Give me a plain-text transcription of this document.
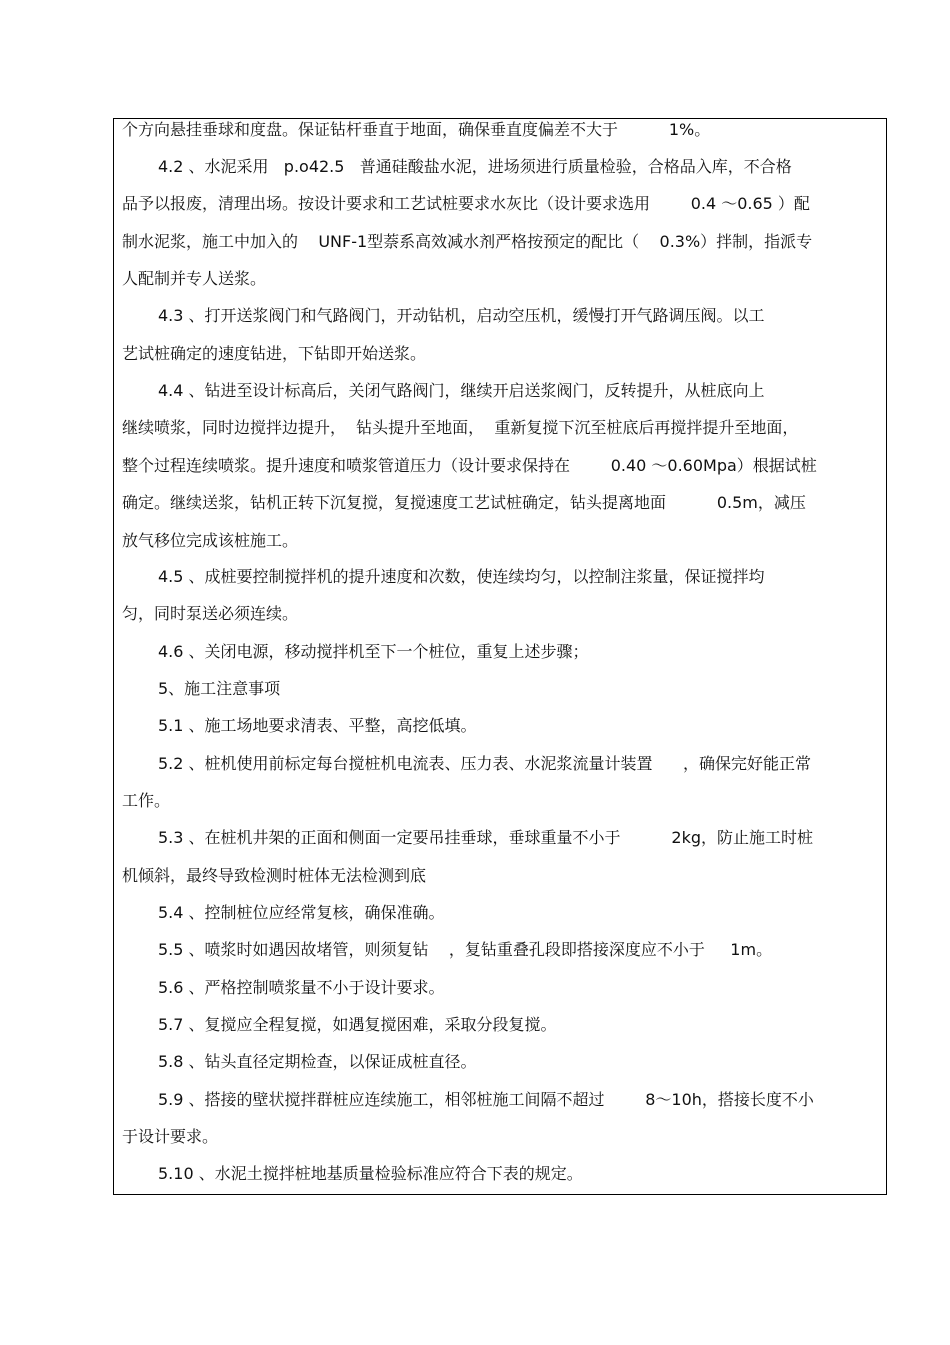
个方向悬挂垂球和度盘。保证钻杆垂直于地面，确保垂直度偏差不大于          1%。
4.2 、水泥采用   p.o42.5   普通硅酸盐水泥，进场须进行质量检验，合格品入库，不合格
品予以报废，清理出场。按设计要求和工艺试桩要求水灰比（设计要求选用        0.4 ～0.65 ）配
制水泥浆，施工中加入的    UNF-1型萘系高效减水剂严格按预定的配比（    0.3%）拌制，指派专
人配制并专人送浆。
4.3 、打开送浆阀门和气路阀门，开动钻机，启动空压机，缓慢打开气路调压阀。以工
艺试桩确定的速度钻进，下钻即开始送浆。
4.4 、钻进至设计标高后，关闭气路阀门，继续开启送浆阀门，反转提升，从桩底向上
继续喷浆，同时边搅拌边提升，  钻头提升至地面，  重新复搅下沉至桩底后再搅拌提升至地面，
整个过程连续喷浆。提升速度和喷浆管道压力（设计要求保持在        0.40 ～0.60Mpa）根据试桩
确定。继续送浆，钻机正转下沉复搅，复搅速度工艺试桩确定，钻头提离地面          0.5m，减压
放气移位完成该桩施工。
4.5 、成桩要控制搅拌机的提升速度和次数，使连续均匀，以控制注浆量，保证搅拌均
匀，同时泵送必须连续。
4.6 、关闭电源，移动搅拌机至下一个桩位，重复上述步骤；
5、施工注意事项
5.1 、施工场地要求清表、平整，高挖低填。
5.2 、桩机使用前标定每台搅桩机电流表、压力表、水泥浆流量计装置      ，确保完好能正常
工作。
5.3 、在桩机井架的正面和侧面一定要吊挂垂球，垂球重量不小于          2kg，防止施工时桩
机倾斜，最终导致检测时桩体无法检测到底
5.4 、控制桩位应经常复核，确保准确。
5.5 、喷浆时如遇因故堵管，则须复钻    ，复钻重叠孔段即搭接深度应不小于     1m。
5.6 、严格控制喷浆量不小于设计要求。
5.7 、复搅应全程复搅，如遇复搅困难，采取分段复搅。
5.8 、钻头直径定期检查，以保证成桩直径。
5.9 、搭接的壁状搅拌群桩应连续施工，相邻桩施工间隔不超过        8～10h，搭接长度不小
于设计要求。
5.10 、水泥土搅拌桩地基质量检验标准应符合下表的规定。
